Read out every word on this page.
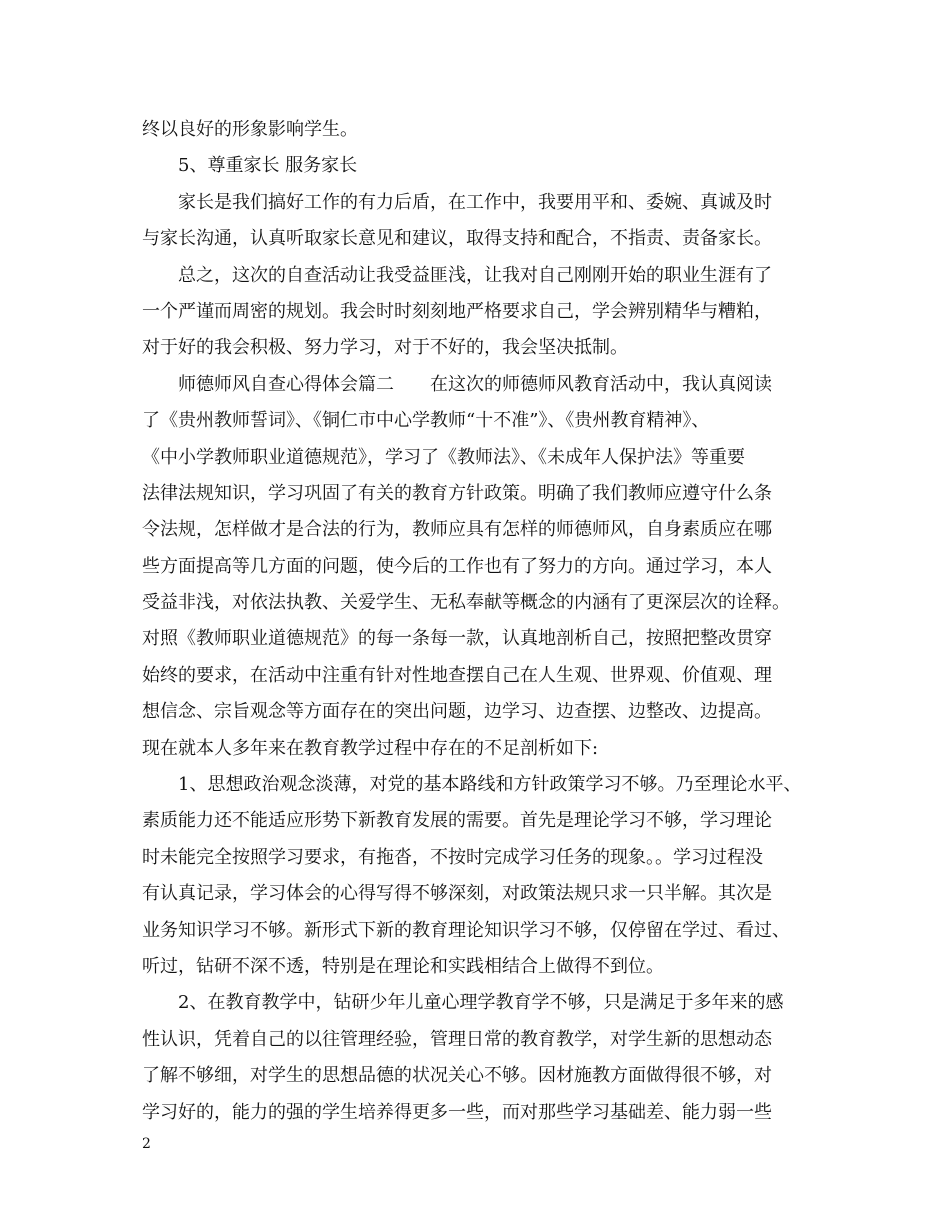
终以良好的形象影响学生。
5、尊重家长 服务家长
家长是我们搞好工作的有力后盾，在工作中，我要用平和、委婉、真诚及时
与家长沟通，认真听取家长意见和建议，取得支持和配合，不指责、责备家长。
总之，这次的自查活动让我受益匪浅，让我对自己刚刚开始的职业生涯有了
一个严谨而周密的规划。我会时时刻刻地严格要求自己，学会辨别精华与糟粕，
对于好的我会积极、努力学习，对于不好的，我会坚决抵制。
师德师风自查心得体会篇二　　在这次的师德师风教育活动中，我认真阅读
了《贵州教师誓词》、《铜仁市中心学教师“十不准”》、《贵州教育精神》、
《中小学教师职业道德规范》，学习了《教师法》、《未成年人保护法》等重要
法律法规知识，学习巩固了有关的教育方针政策。明确了我们教师应遵守什么条
令法规，怎样做才是合法的行为，教师应具有怎样的师德师风，自身素质应在哪
些方面提高等几方面的问题，使今后的工作也有了努力的方向。通过学习，本人
受益非浅，对依法执教、关爱学生、无私奉献等概念的内涵有了更深层次的诠释。
对照《教师职业道德规范》的每一条每一款，认真地剖析自己，按照把整改贯穿
始终的要求，在活动中注重有针对性地查摆自己在人生观、世界观、价值观、理
想信念、宗旨观念等方面存在的突出问题，边学习、边查摆、边整改、边提高。
现在就本人多年来在教育教学过程中存在的不足剖析如下:
1、思想政治观念淡薄，对党的基本路线和方针政策学习不够。乃至理论水平、
素质能力还不能适应形势下新教育发展的需要。首先是理论学习不够，学习理论
时未能完全按照学习要求，有拖沓，不按时完成学习任务的现象。。学习过程没
有认真记录，学习体会的心得写得不够深刻，对政策法规只求一只半解。其次是
业务知识学习不够。新形式下新的教育理论知识学习不够，仅停留在学过、看过、
听过，钻研不深不透，特别是在理论和实践相结合上做得不到位。
2、在教育教学中，钻研少年儿童心理学教育学不够，只是满足于多年来的感
性认识，凭着自己的以往管理经验，管理日常的教育教学，对学生新的思想动态
了解不够细，对学生的思想品德的状况关心不够。因材施教方面做得很不够，对
学习好的，能力的强的学生培养得更多一些，而对那些学习基础差、能力弱一些
2
